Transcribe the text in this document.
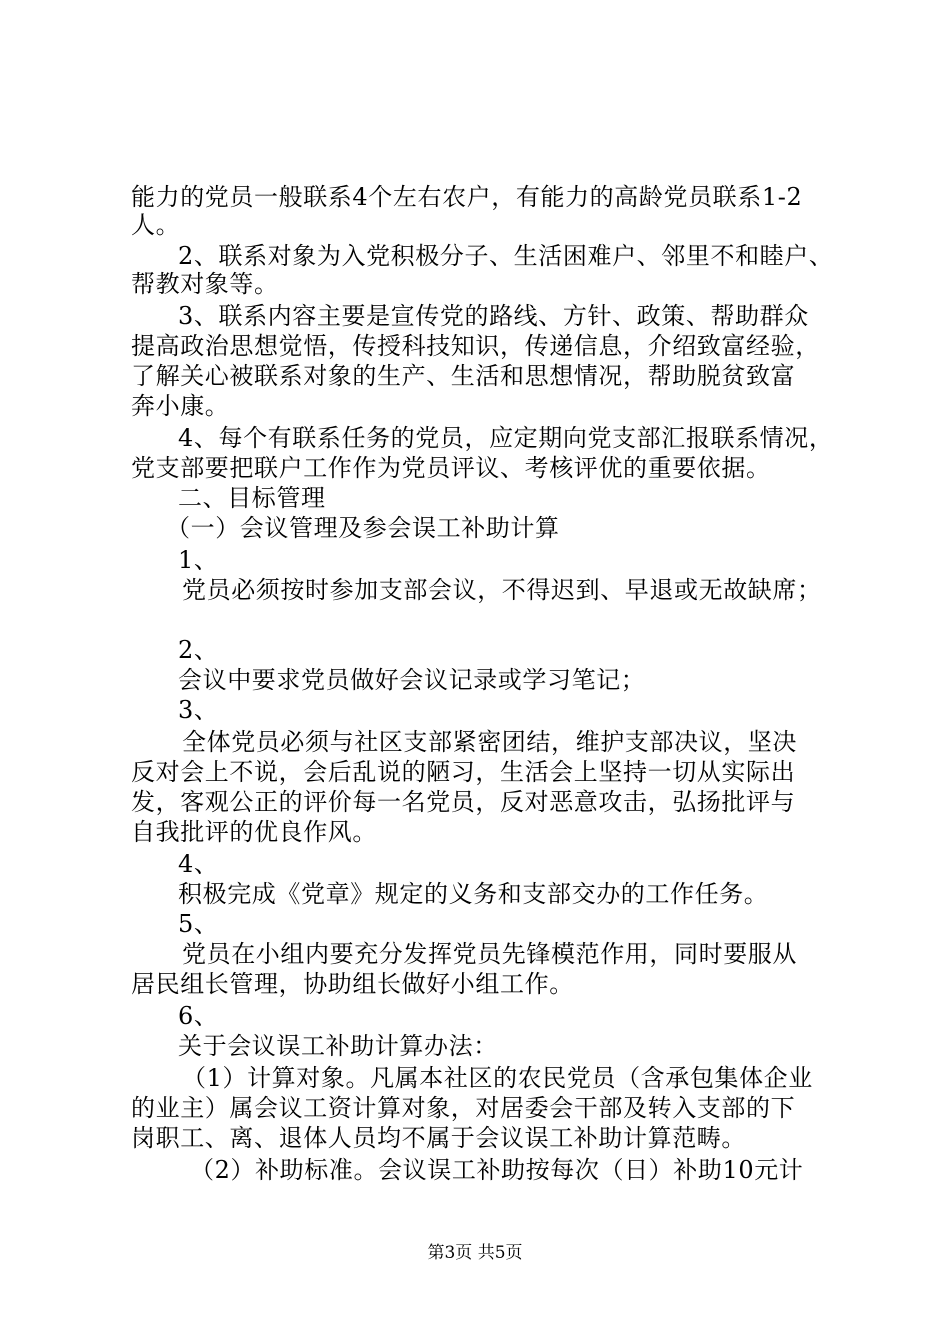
能力的党员一般联系4个左右农户，有能力的高龄党员联系1-2
人。
2、联系对象为入党积极分子、生活困难户、邻里不和睦户、
帮教对象等。
3、联系内容主要是宣传党的路线、方针、政策、帮助群众
提高政治思想觉悟，传授科技知识，传递信息，介绍致富经验，
了解关心被联系对象的生产、生活和思想情况，帮助脱贫致富
奔小康。
4、每个有联系任务的党员，应定期向党支部汇报联系情况，
党支部要把联户工作作为党员评议、考核评优的重要依据。
二、目标管理
（一）会议管理及参会误工补助计算
1、
党员必须按时参加支部会议，不得迟到、早退或无故缺席；
2、
会议中要求党员做好会议记录或学习笔记；
3、
全体党员必须与社区支部紧密团结，维护支部决议，坚决
反对会上不说，会后乱说的陋习，生活会上坚持一切从实际出
发，客观公正的评价每一名党员，反对恶意攻击，弘扬批评与
自我批评的优良作风。
4、
积极完成《党章》规定的义务和支部交办的工作任务。
5、
党员在小组内要充分发挥党员先锋模范作用，同时要服从
居民组长管理，协助组长做好小组工作。
6、
关于会议误工补助计算办法：
（1）计算对象。凡属本社区的农民党员（含承包集体企业
的业主）属会议工资计算对象，对居委会干部及转入支部的下
岗职工、离、退体人员均不属于会议误工补助计算范畴。
（2）补助标准。会议误工补助按每次（日）补助10元计
第3页 共5页
